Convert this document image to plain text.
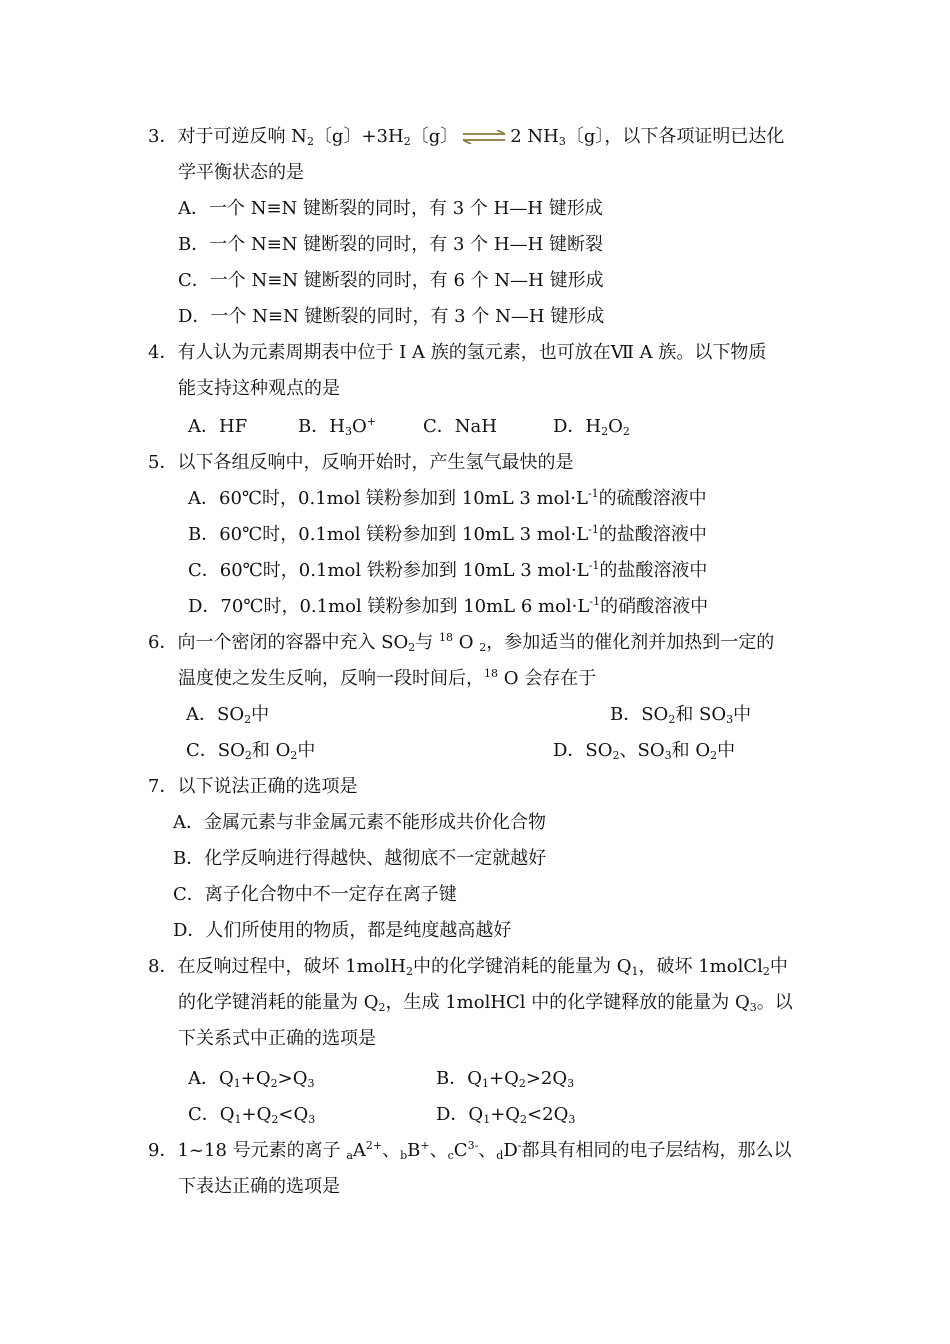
3．对于可逆反响 $N_2$〔g〕$+3H_2$〔g〕 ⇌ 2 $NH_3$〔g〕，以下各项证明已达化
学平衡状态的是
A．一个 N≡N 键断裂的同时，有 3 个 H—H 键形成
B．一个 N≡N 键断裂的同时，有 3 个 H—H 键断裂
C．一个 N≡N 键断裂的同时，有 6 个 N—H 键形成
D．一个 N≡N 键断裂的同时，有 3 个 N—H 键形成
4．有人认为元素周期表中位于 I A 族的氢元素，也可放在Ⅶ A 族。以下物质
能支持这种观点的是
A．HF	B．$H_3O^+$	C．NaH	D．$H_2O_2$
5．以下各组反响中，反响开始时，产生氢气最快的是
A．60℃时，0.1mol 镁粉参加到 10mL 3 $mol\cdot L^{-1}$的硫酸溶液中
B．60℃时，0.1mol 镁粉参加到 10mL 3 $mol\cdot L^{-1}$的盐酸溶液中
C．60℃时，0.1mol 铁粉参加到 10mL 3 $mol\cdot L^{-1}$的盐酸溶液中
D．70℃时，0.1mol 镁粉参加到 10mL 6 $mol\cdot L^{-1}$的硝酸溶液中
6．向一个密闭的容器中充入 $SO_2$与 $^{18}$ O $_2$，参加适当的催化剂并加热到一定的
温度使之发生反响，反响一段时间后，$^{18}$ O 会存在于
A．$SO_2$中	B．$SO_2$和 $SO_3$中
C．$SO_2$和 $O_2$中	D．$SO_2$、$SO_3$和 $O_2$中
7．以下说法正确的选项是
A．金属元素与非金属元素不能形成共价化合物
B．化学反响进行得越快、越彻底不一定就越好
C．离子化合物中不一定存在离子键
D．人们所使用的物质，都是纯度越高越好
8．在反响过程中，破坏 1molH$_2$中的化学键消耗的能量为 $Q_1$，破坏 1molCl$_2$中
的化学键消耗的能量为 $Q_2$，生成 1molHCl 中的化学键释放的能量为 $Q_3$。以
下关系式中正确的选项是
A．$Q_1+Q_2>Q_3$	B．$Q_1+Q_2>2Q_3$
C．$Q_1+Q_2<Q_3$	D．$Q_1+Q_2<2Q_3$
9．1~18 号元素的离子 $_aA^{2+}$、$_b$B+、$_cC^{3-}$、$_d$D-都具有相同的电子层结构，那么以
下表达正确的选项是
